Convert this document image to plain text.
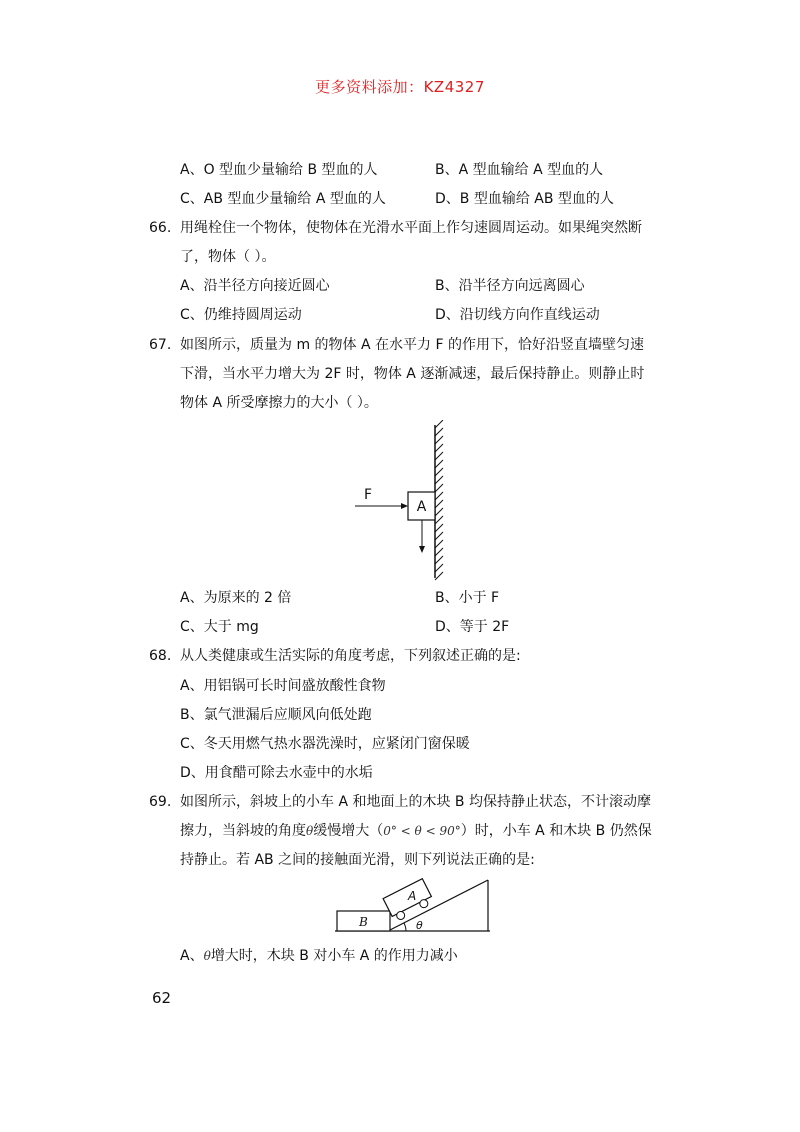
更多资料添加：KZ4327
A、O 型血少量输给 B 型血的人	B、A 型血输给 A 型血的人
C、AB 型血少量输给 A 型血的人	D、B 型血输给 AB 型血的人
66. 用绳栓住一个物体，使物体在光滑水平面上作匀速圆周运动。如果绳突然断
了，物体（ ）。
A、沿半径方向接近圆心	B、沿半径方向远离圆心
C、仍维持圆周运动	D、沿切线方向作直线运动
67. 如图所示，质量为 m 的物体 A 在水平力 F 的作用下，恰好沿竖直墙壁匀速
下滑，当水平力增大为 2F 时，物体 A 逐渐减速，最后保持静止。则静止时
物体 A 所受摩擦力的大小（ ）。
A
F
A、为原来的 2 倍	B、小于 F
C、大于 mg	D、等于 2F
68. 从人类健康或生活实际的角度考虑，下列叙述正确的是:
A、用铝锅可长时间盛放酸性食物
B、氯气泄漏后应顺风向低处跑
C、冬天用燃气热水器洗澡时，应紧闭门窗保暖
D、用食醋可除去水壶中的水垢
69. 如图所示，斜坡上的小车 A 和地面上的木块 B 均保持静止状态，不计滚动摩
擦力，当斜坡的角度θ缓慢增大（0° < θ < 90°）时，小车 A 和木块 B 仍然保
持静止。若 AB 之间的接触面光滑，则下列说法正确的是:
B
A
θ
A、θ增大时，木块 B 对小车 A 的作用力减小
62
